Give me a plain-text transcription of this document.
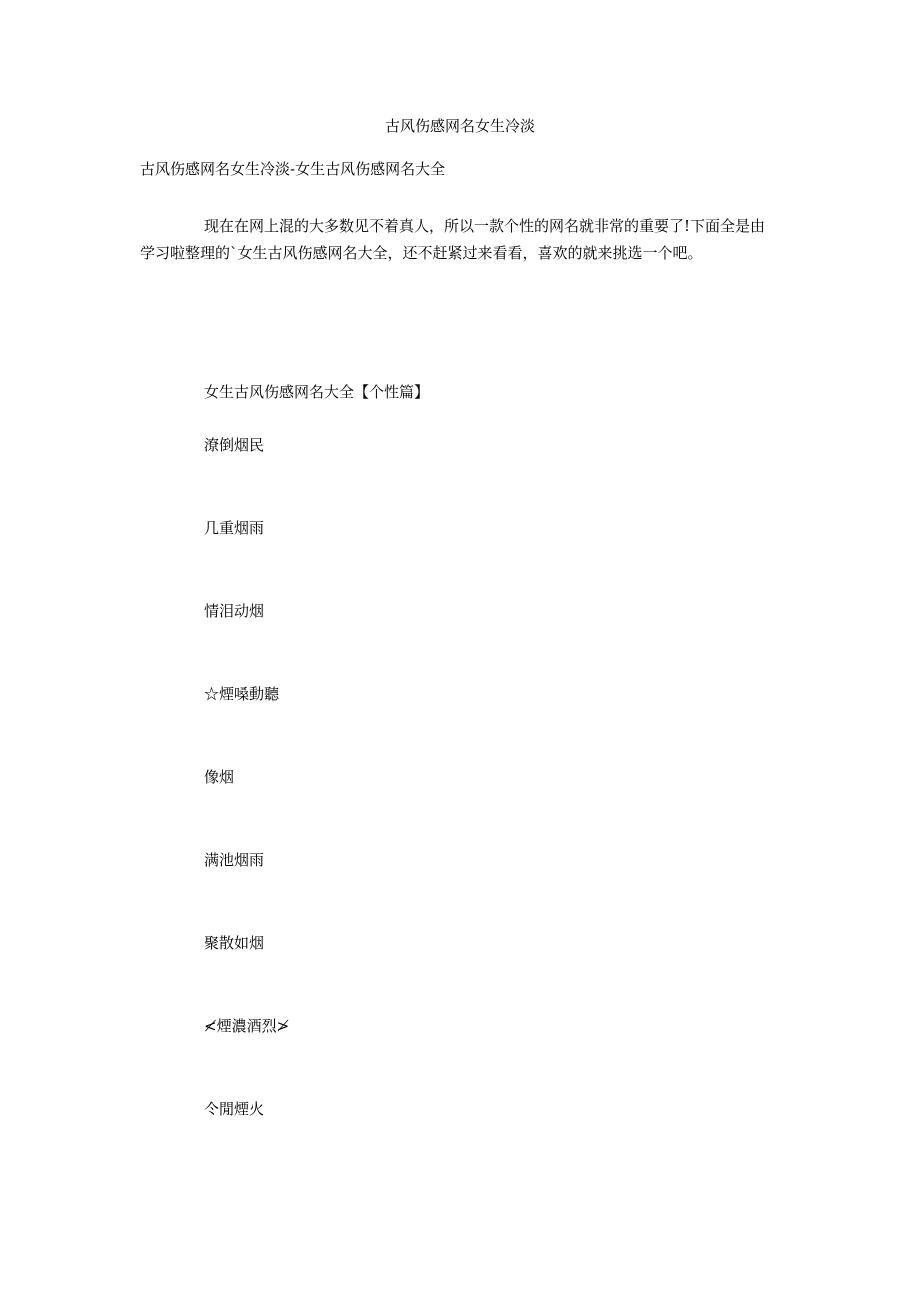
古风伤感网名女生冷淡
古风伤感网名女生冷淡-女生古风伤感网名大全

现在在网上混的大多数见不着真人，所以一款个性的网名就非常的重要了!下面全是由学习啦整理的`女生古风伤感网名大全，还不赶紧过来看看，喜欢的就来挑选一个吧。

女生古风伤感网名大全【个性篇】
潦倒烟民
几重烟雨
情泪动烟
☆煙嗓動聽
像烟
满池烟雨
聚散如烟
≮煙濃酒烈≯
仒閒煙火
